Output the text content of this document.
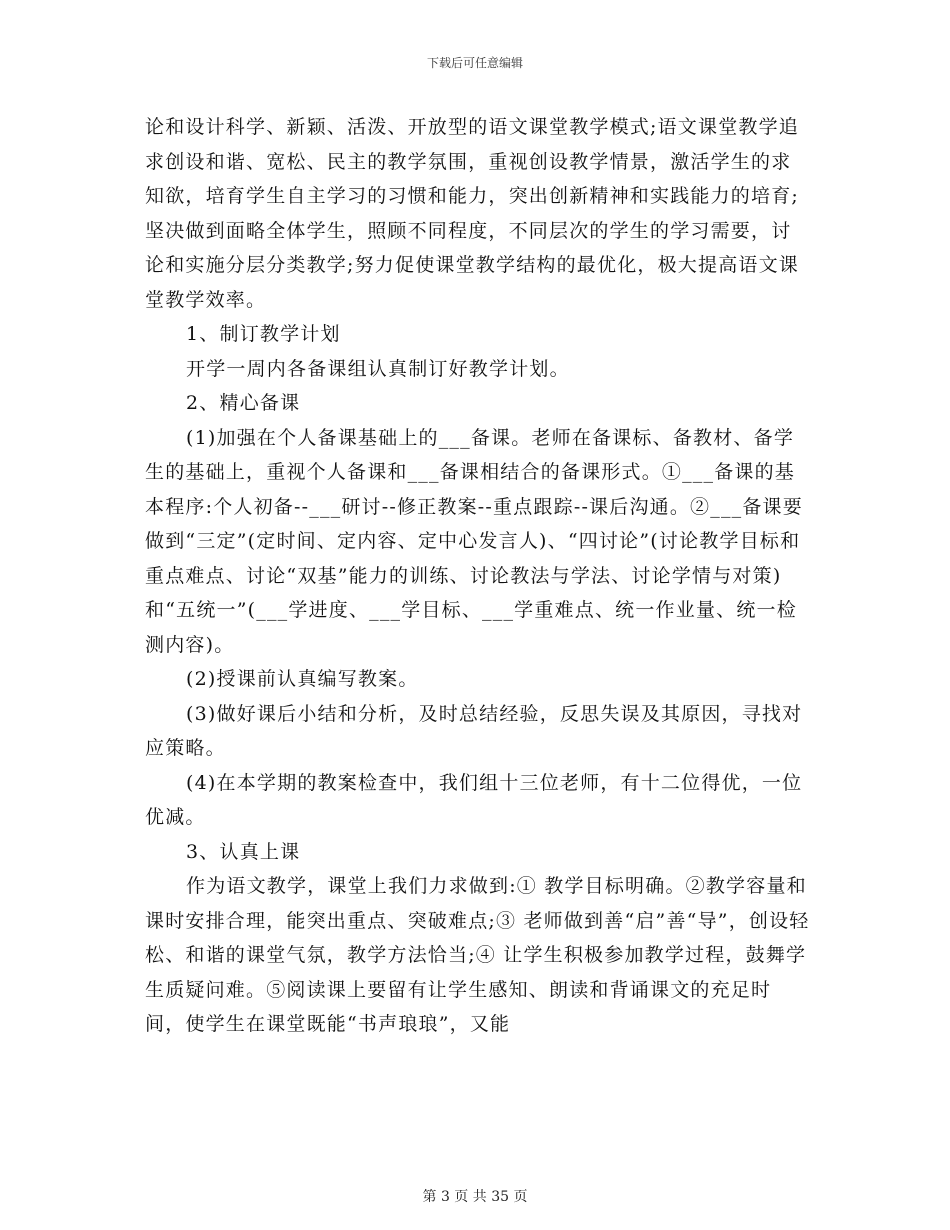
下载后可任意编辑

论和设计科学、新颖、活泼、开放型的语文课堂教学模式;语文课堂教学追求创设和谐、宽松、民主的教学氛围，重视创设教学情景，激活学生的求知欲，培育学生自主学习的习惯和能力，突出创新精神和实践能力的培育;坚决做到面略全体学生，照顾不同程度，不同层次的学生的学习需要，讨论和实施分层分类教学;努力促使课堂教学结构的最优化，极大提高语文课堂教学效率。

1、制订教学计划

开学一周内各备课组认真制订好教学计划。

2、精心备课

(1)加强在个人备课基础上的___备课。老师在备课标、备教材、备学生的基础上，重视个人备课和___备课相结合的备课形式。①___备课的基本程序:个人初备--___研讨--修正教案--重点跟踪--课后沟通。②___备课要做到“三定”(定时间、定内容、定中心发言人)、“四讨论”(讨论教学目标和重点难点、讨论“双基”能力的训练、讨论教法与学法、讨论学情与对策)和“五统一”(___学进度、___学目标、___学重难点、统一作业量、统一检测内容)。

(2)授课前认真编写教案。

(3)做好课后小结和分析，及时总结经验，反思失误及其原因，寻找对应策略。

(4)在本学期的教案检查中，我们组十三位老师，有十二位得优，一位优减。

3、认真上课

作为语文教学，课堂上我们力求做到:① 教学目标明确。②教学容量和课时安排合理，能突出重点、突破难点;③ 老师做到善“启”善“导”，创设轻松、和谐的课堂气氛，教学方法恰当;④ 让学生积极参加教学过程，鼓舞学生质疑问难。⑤阅读课上要留有让学生感知、朗读和背诵课文的充足时间，使学生在课堂既能“书声琅琅”，又能

第 3 页 共 35 页
